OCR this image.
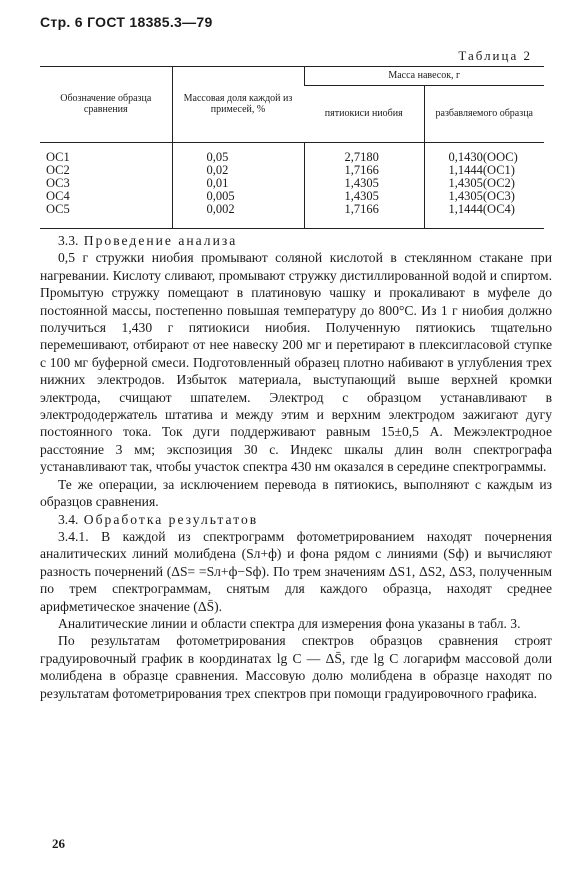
Стр. 6 ГОСТ 18385.3—79
Таблица 2
Обозначение образца сравнения	Массовая доля каждой из примесей, %	Масса навесок, г	
		пятиокиси ниобия	разбавляемого образца
ОС1	0,05	2,7180	0,1430(ООС)
ОС2	0,02	1,7166	1,1444(ОС1)
ОС3	0,01	1,4305	1,4305(ОС2)
ОС4	0,005	1,4305	1,4305(ОС3)
ОС5	0,002	1,7166	1,1444(ОС4)

3.3. Проведение анализа

0,5 г стружки ниобия промывают соляной кислотой в стеклянном стакане при нагревании. Кислоту сливают, промывают стружку дистиллированной водой и спиртом. Промытую стружку помещают в платиновую чашку и прокаливают в муфеле до постоянной массы, постепенно повышая температуру до 800°С. Из 1 г ниобия должно получиться 1,430 г пятиокиси ниобия. Полученную пятиокись тщательно перемешивают, отбирают от нее навеску 200 мг и перетирают в плексигласовой ступке с 100 мг буферной смеси. Подготовленный образец плотно набивают в углубления трех нижних электродов. Избыток материала, выступающий выше верхней кромки электрода, счищают шпателем. Электрод с образцом устанавливают в электрододержатель штатива и между этим и верхним электродом зажигают дугу постоянного тока. Ток дуги поддерживают равным 15±0,5 А. Межэлектродное расстояние 3 мм; экспозиция 30 с. Индекс шкалы длин волн спектрографа устанавливают так, чтобы участок спектра 430 нм оказался в середине спектрограммы.

Те же операции, за исключением перевода в пятиокись, выполняют с каждым из образцов сравнения.

3.4. Обработка результатов

3.4.1. В каждой из спектрограмм фотометрированием находят почернения аналитических линий молибдена (Sл+ф) и фона рядом с линиями (Sф) и вычисляют разность почернений (ΔS= =Sл+ф−Sф). По трем значениям ΔS1, ΔS2, ΔS3, полученным по трем спектрограммам, снятым для каждого образца, находят среднее арифметическое значение (ΔS̄).

Аналитические линии и области спектра для измерения фона указаны в табл. 3.

По результатам фотометрирования спектров образцов сравнения строят градуировочный график в координатах lg C — ΔS̄, где lg C логарифм массовой доли молибдена в образце сравнения. Массовую долю молибдена в образце находят по результатам фотометрирования трех спектров при помощи градуировочного графика.

26
